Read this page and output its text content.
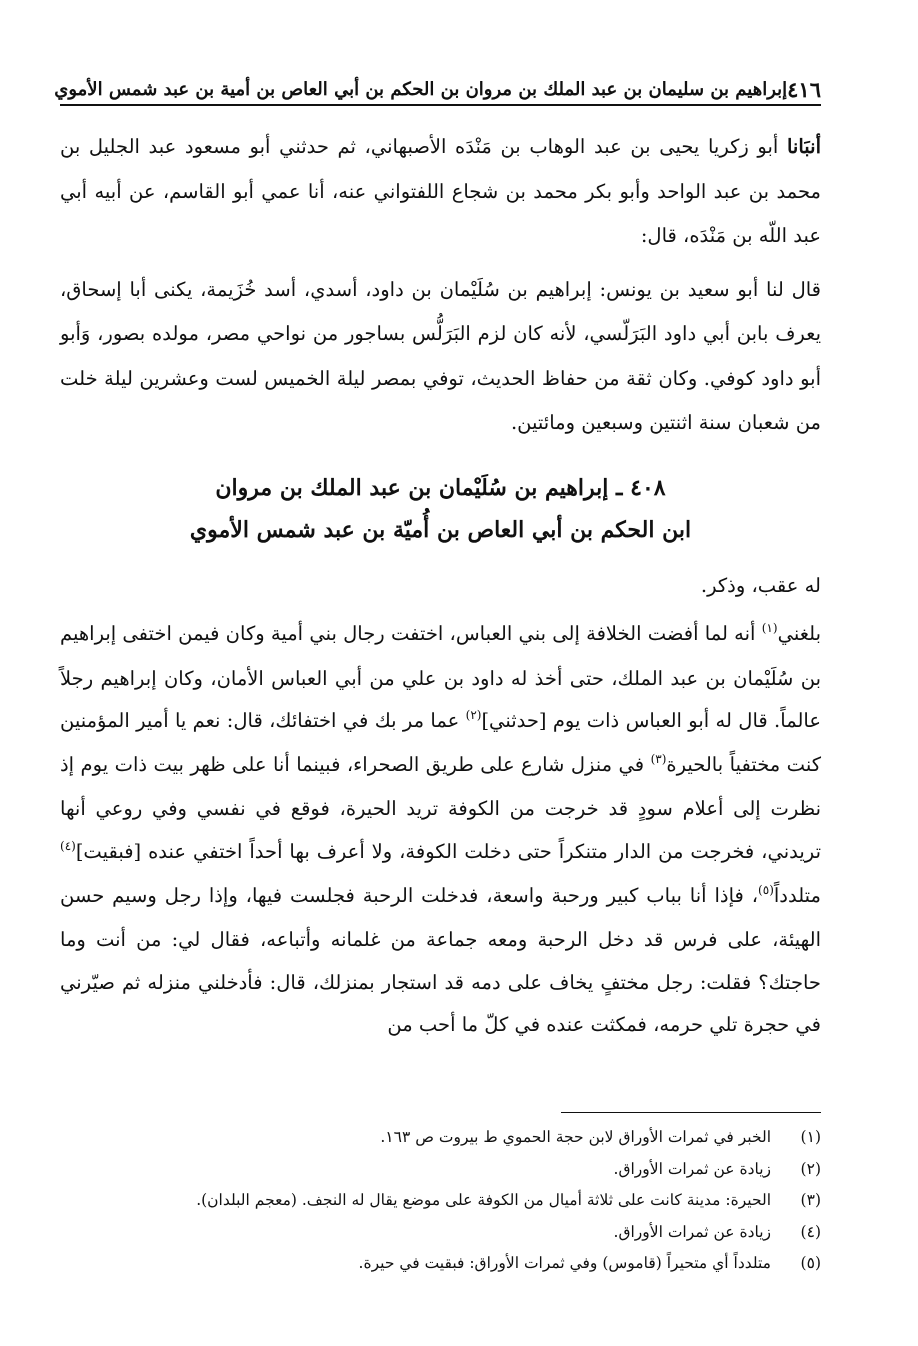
٤١٦
إبراهيم بن سليمان بن عبد الملك بن مروان بن الحكم بن أبي العاص بن أمية بن عبد شمس الأموي

أنبَانا أبو زكريا يحيى بن عبد الوهاب بن مَنْدَه الأصبهاني، ثم حدثني أبو مسعود عبد الجليل بن محمد بن عبد الواحد وأبو بكر محمد بن شجاع اللفتواني عنه، أنا عمي أبو القاسم، عن أبيه أبي عبد اللّه بن مَنْدَه، قال:

قال لنا أبو سعيد بن يونس: إبراهيم بن سُلَيْمان بن داود، أسدي، أسد خُزَيمة، يكنى أبا إسحاق، يعرف بابن أبي داود البَرَلّسي، لأنه كان لزم البَرَلُّس بساجور من نواحي مصر، مولده بصور، وَأبو أبو داود كوفي. وكان ثقة من حفاظ الحديث، توفي بمصر ليلة الخميس لست وعشرين ليلة خلت من شعبان سنة اثنتين وسبعين ومائتين.

٤٠٨ ـ إبراهيم بن سُلَيْمان بن عبد الملك بن مروان
ابن الحكم بن أبي العاص بن أُميّة بن عبد شمس الأموي

له عقب، وذكر.

بلغني$^{(١)}$ أنه لما أفضت الخلافة إلى بني العباس، اختفت رجال بني أمية وكان فيمن اختفى إبراهيم بن سُلَيْمان بن عبد الملك، حتى أخذ له داود بن علي من أبي العباس الأمان، وكان إبراهيم رجلاً عالماً. قال له أبو العباس ذات يوم [حدثني]$^{(٢)}$ عما مر بك في اختفائك، قال: نعم يا أمير المؤمنين كنت مختفياً بالحيرة$^{(٣)}$ في منزل شارع على طريق الصحراء، فبينما أنا على ظهر بيت ذات يوم إذ نظرت إلى أعلام سودٍ قد خرجت من الكوفة تريد الحيرة، فوقع في نفسي وفي روعي أنها تريدني، فخرجت من الدار متنكراً حتى دخلت الكوفة، ولا أعرف بها أحداً اختفي عنده [فبقيت]$^{(٤)}$ متلدداً$^{(٥)}$، فإذا أنا بباب كبير ورحبة واسعة، فدخلت الرحبة فجلست فيها، وإذا رجل وسيم حسن الهيئة، على فرس قد دخل الرحبة ومعه جماعة من غلمانه وأتباعه، فقال لي: من أنت وما حاجتك؟ فقلت: رجل مختفٍ يخاف على دمه قد استجار بمنزلك، قال: فأدخلني منزله ثم صيّرني في حجرة تلي حرمه، فمكثت عنده في كلّ ما أحب من

(١)
الخبر في ثمرات الأوراق لابن حجة الحموي ط بيروت ص ١٦٣.
(٢)
زيادة عن ثمرات الأوراق.
(٣)
الحيرة: مدينة كانت على ثلاثة أميال من الكوفة على موضع يقال له النجف. (معجم البلدان).
(٤)
زيادة عن ثمرات الأوراق.
(٥)
متلدداً أي متحيراً (قاموس) وفي ثمرات الأوراق: فبقيت في حيرة.
